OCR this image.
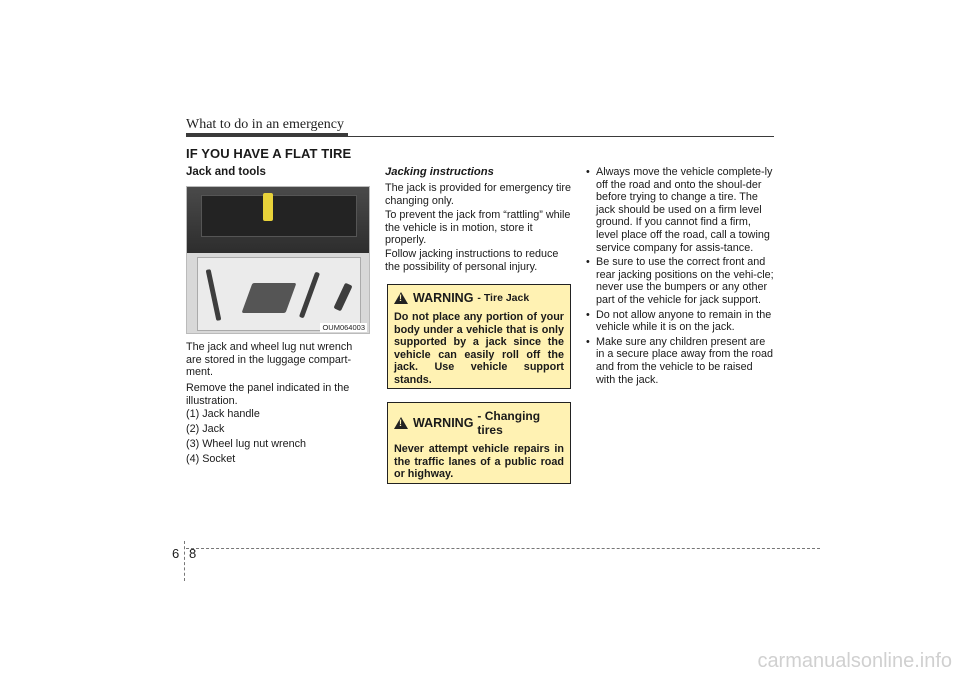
What to do in an emergency
IF YOU HAVE A FLAT TIRE
Jack and tools
OUM064003
The jack and wheel lug nut wrench are stored in the luggage compart-ment.
Remove the panel indicated in the illustration.
(1) Jack handle
(2) Jack
(3) Wheel lug nut wrench
(4) Socket
Jacking instructions
The jack is provided for emergency tire changing only.
To prevent the jack from “rattling” while the vehicle is in motion, store it properly.
Follow jacking instructions to reduce the possibility of personal injury.
!
WARNING - Tire Jack
Do not place any portion of your body under a vehicle that is only supported by a jack since the vehicle can easily roll off the jack. Use vehicle support stands.
!
WARNING - Changing tires
Never attempt vehicle repairs in the traffic lanes of a public road or highway.
• Always move the vehicle complete-ly off the road and onto the shoul-der before trying to change a tire. The jack should be used on a firm level ground. If you cannot find a firm, level place off the road, call a towing service company for assis-tance.
• Be sure to use the correct front and rear jacking positions on the vehi-cle; never use the bumpers or any other part of the vehicle for jack support.
• Do not allow anyone to remain in the vehicle while it is on the jack.
• Make sure any children present are in a secure place away from the road and from the vehicle to be raised with the jack.
6 8
carmanualsonline.info
